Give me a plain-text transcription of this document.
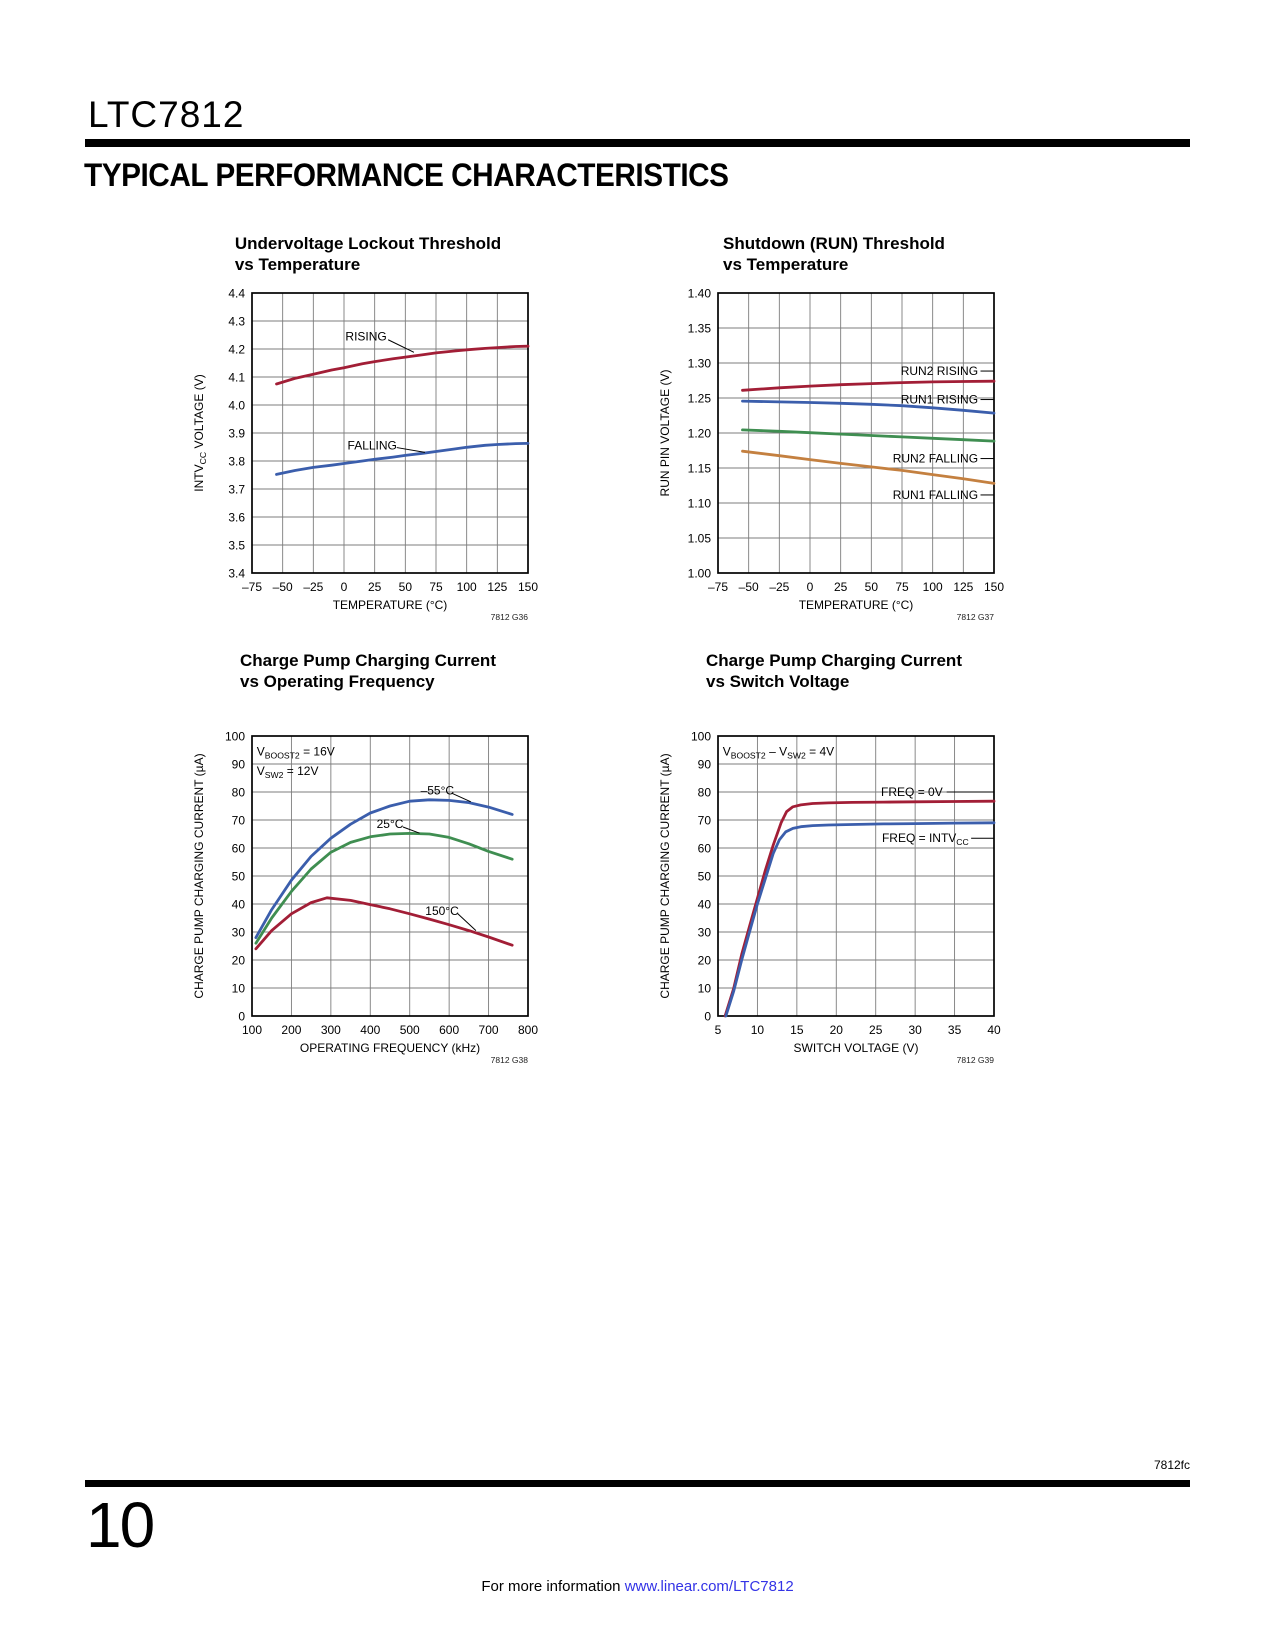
LTC7812
TYPICAL PERFORMANCE CHARACTERISTICS
Undervoltage Lockout Threshold
vs Temperature
RISING
FALLING
3.4
3.5
3.6
3.7
3.8
3.9
4.0
4.1
4.2
4.3
4.4
–75 –50 –25 0 25 50 75 100 125 150
TEMPERATURE (°C)
$INTV_{CC}$ VOLTAGE (V)
7812 G36
Shutdown (RUN) Threshold
vs Temperature
RUN2 RISING
RUN1 RISING
RUN2 FALLING
RUN1 FALLING
1.00
1.05
1.10
1.15
1.20
1.25
1.30
1.35
1.40
–75 –50 –25 0 25 50 75 100 125 150
TEMPERATURE (°C)
RUN PIN VOLTAGE (V)
7812 G37
Charge Pump Charging Current
vs Operating Frequency
$V_{BOOST2} = 16V$
$V_{SW2} = 12V$
–55°C
25°C
150°C
0
10
20
30
40
50
60
70
80
90
100
100 200 300 400 500 600 700 800
OPERATING FREQUENCY (kHz)
CHARGE PUMP CHARGING CURRENT (µA)
7812 G38
Charge Pump Charging Current
vs Switch Voltage
$V_{BOOST2} - V_{SW2} = 4V$
FREQ = 0V
FREQ = $INTV_{CC}$
0
10
20
30
40
50
60
70
80
90
100
5 10 15 20 25 30 35 40
SWITCH VOLTAGE (V)
CHARGE PUMP CHARGING CURRENT (µA)
7812 G39
7812fc
10
For more information www.linear.com/LTC7812
